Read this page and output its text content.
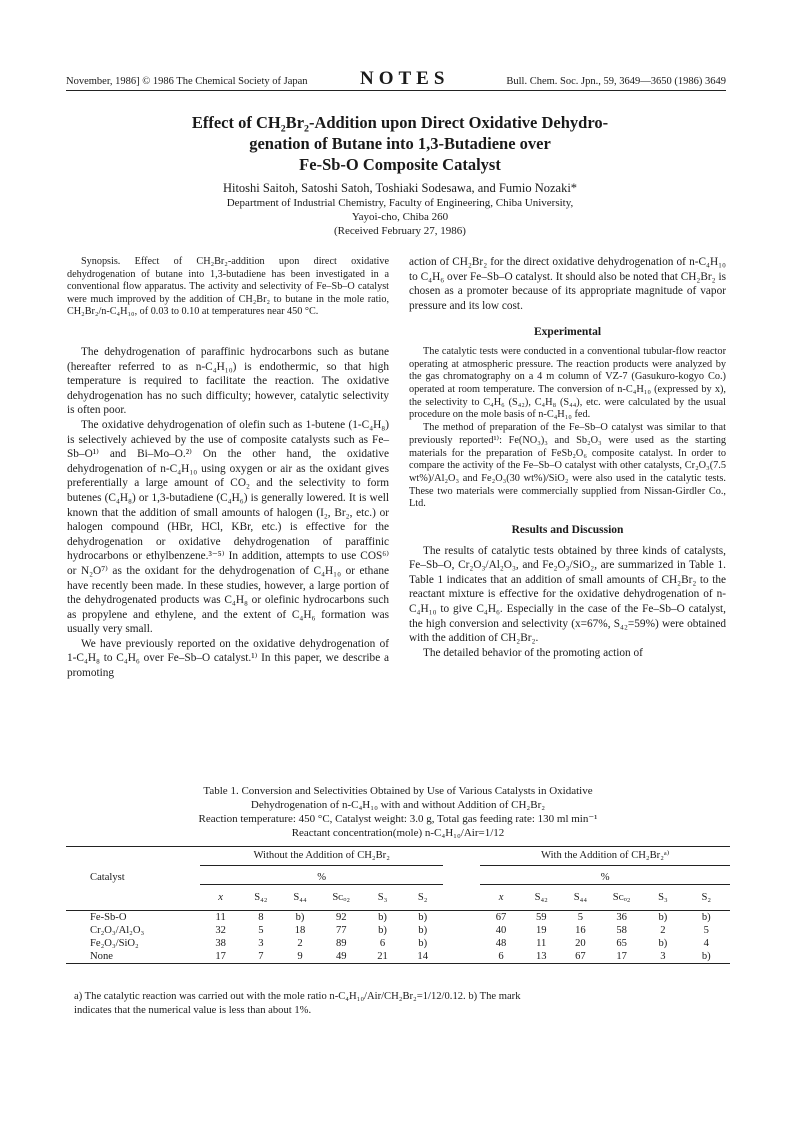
November, 1986] © 1986 The Chemical Society of Japan	NOTES	Bull. Chem. Soc. Jpn., 59, 3649—3650 (1986) 3649
Effect of CH₂Br₂-Addition upon Direct Oxidative Dehydro-
genation of Butane into 1,3-Butadiene over
Fe-Sb-O Composite Catalyst
Hitoshi Saitoh, Satoshi Satoh, Toshiaki Sodesawa, and Fumio Nozaki*
Department of Industrial Chemistry, Faculty of Engineering, Chiba University,
Yayoi-cho, Chiba 260
(Received February 27, 1986)

Synopsis. Effect of CH₂Br₂-addition upon direct oxidative dehydrogenation of butane into 1,3-butadiene has been investigated in a conventional flow apparatus. The activity and selectivity of Fe–Sb–O catalyst were much improved by the addition of CH₂Br₂ to butane in the mole ratio, CH₂Br₂/n-C₄H₁₀, of 0.03 to 0.10 at temperatures near 450 °C.

The dehydrogenation of paraffinic hydrocarbons such as butane (hereafter referred to as n-C₄H₁₀) is endothermic, so that high temperature is required to facilitate the reaction. The oxidative dehydrogenation has no such difficulty; however, catalytic selectivity is often poor.

The oxidative dehydrogenation of olefin such as 1-butene (1-C₄H₈) is selectively achieved by the use of composite catalysts such as Fe–Sb–O¹⁾ and Bi–Mo–O.²⁾ On the other hand, the oxidative dehydrogenation of n-C₄H₁₀ using oxygen or air as the oxidant gives preferentially a large amount of CO₂ and the selectivity to form butenes (C₄H₈) or 1,3-butadiene (C₄H₆) is generally lowered. It is well known that the addition of small amounts of halogen (I₂, Br₂, etc.) or halogen compound (HBr, HCl, KBr, etc.) is effective for the dehydrogenation or oxidative dehydrogenation of paraffinic hydrocarbons or ethylbenzene.³⁻⁵⁾ In addition, attempts to use COS⁶⁾ or N₂O⁷⁾ as the oxidant for the dehydrogenation of C₄H₁₀ or ethane have recently been made. In these studies, however, a large portion of the dehydrogenated products was C₄H₈ or olefinic hydrocarbons such as propylene and ethylene, and the extent of C₄H₆ formation was usually very small.

We have previously reported on the oxidative dehydrogenation of 1-C₄H₈ to C₄H₆ over Fe–Sb–O catalyst.¹⁾ In this paper, we describe a promoting

action of CH₂Br₂ for the direct oxidative dehydrogenation of n-C₄H₁₀ to C₄H₆ over Fe–Sb–O catalyst. It should also be noted that CH₂Br₂ is chosen as a promoter because of its appropriate magnitude of vapor pressure and its low cost.

Experimental

The catalytic tests were conducted in a conventional tubular-flow reactor operating at atmospheric pressure. The reaction products were analyzed by the gas chromatography on a 4 m column of VZ-7 (Gasukuro-kogyo Co.) operated at room temperature. The conversion of n-C₄H₁₀ (expressed by x), the selectivity to C₄H₆ (S₄₂), C₄H₈ (S₄₄), etc. were calculated by the usual procedure on the mole basis of n-C₄H₁₀ fed.

The method of preparation of the Fe–Sb–O catalyst was similar to that previously reported¹⁾: Fe(NO₃)₃ and Sb₂O₃ were used as the starting materials for the preparation of FeSb₂O₆ composite catalyst. In order to compare the activity of the Fe–Sb–O catalyst with other catalysts, Cr₂O₃(7.5 wt%)/Al₂O₃ and Fe₂O₃(30 wt%)/SiO₂ were also used in the catalytic tests. These two materials were commercially supplied from Nissan-Girdler Co., Ltd.

Results and Discussion

The results of catalytic tests obtained by three kinds of catalysts, Fe–Sb–O, Cr₂O₃/Al₂O₃, and Fe₂O₃/SiO₂, are summarized in Table 1. Table 1 indicates that an addition of small amounts of CH₂Br₂ to the reactant mixture is effective for the oxidative dehydrogenation of n-C₄H₁₀ to give C₄H₆. Especially in the case of the Fe–Sb–O catalyst, the high conversion and selectivity (x=67%, S₄₂=59%) were obtained with the addition of CH₂Br₂.

The detailed behavior of the promoting action of

Table 1. Conversion and Selectivities Obtained by Use of Various Catalysts in Oxidative
Dehydrogenation of n-C₄H₁₀ with and without Addition of CH₂Br₂
Reaction temperature: 450 °C, Catalyst weight: 3.0 g, Total gas feeding rate: 130 ml min⁻¹
Reactant concentration(mole) n-C₄H₁₀/Air=1/12
	Without the Addition of CH₂Br₂							With the Addition of CH₂Br₂ᵃ⁾					
Catalyst	%							%					
	x	S₄₂	S₄₄	Sᴄₒ₂	S₃	S₂		x	S₄₂	S₄₄	Sᴄₒ₂	S₃	S₂
Fe-Sb-O	11	8	b)	92	b)	b)		67	59	5	36	b)	b)
Cr₂O₃/Al₂O₃	32	5	18	77	b)	b)		40	19	16	58	2	5
Fe₂O₃/SiO₂	38	3	2	89	6	b)		48	11	20	65	b)	4
None	17	7	9	49	21	14		6	13	67	17	3	b)
a) The catalytic reaction was carried out with the mole ratio n-C₄H₁₀/Air/CH₂Br₂=1/12/0.12. b) The mark
indicates that the numerical value is less than about 1%.
